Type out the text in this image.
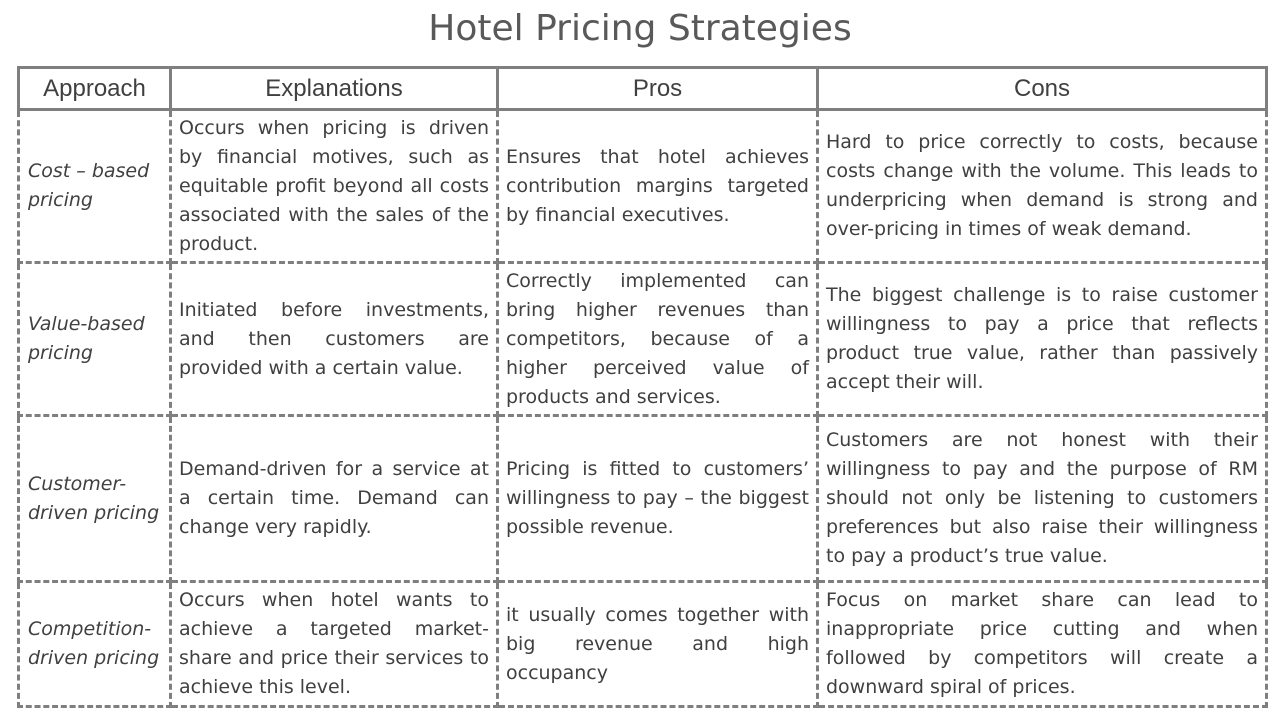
Hotel Pricing Strategies
Approach	Explanations	Pros	Cons
Cost – based pricing	Occurs when pricing is driven by financial motives, such as equitable profit beyond all costs associated with the sales of the product.	Ensures that hotel achieves contribution margins targeted by financial executives.	Hard to price correctly to costs, because costs change with the volume. This leads to underpricing when demand is strong and over-pricing in times of weak demand.
Value-based pricing	Initiated before investments, and then customers are provided with a certain value.	Correctly implemented can bring higher revenues than competitors, because of a higher perceived value of products and services.	The biggest challenge is to raise customer willingness to pay a price that reflects product true value, rather than passively accept their will.
Customer-driven pricing	Demand-driven for a service at a certain time. Demand can change very rapidly.	Pricing is fitted to customers’ willingness to pay – the biggest possible revenue.	Customers are not honest with their willingness to pay and the purpose of RM should not only be listening to customers preferences but also raise their willingness to pay a product’s true value.
Competition-driven pricing	Occurs when hotel wants to achieve a targeted market-share and price their services to achieve this level.	it usually comes together with big revenue and high occupancy	Focus on market share can lead to inappropriate price cutting and when followed by competitors will create a downward spiral of prices.
